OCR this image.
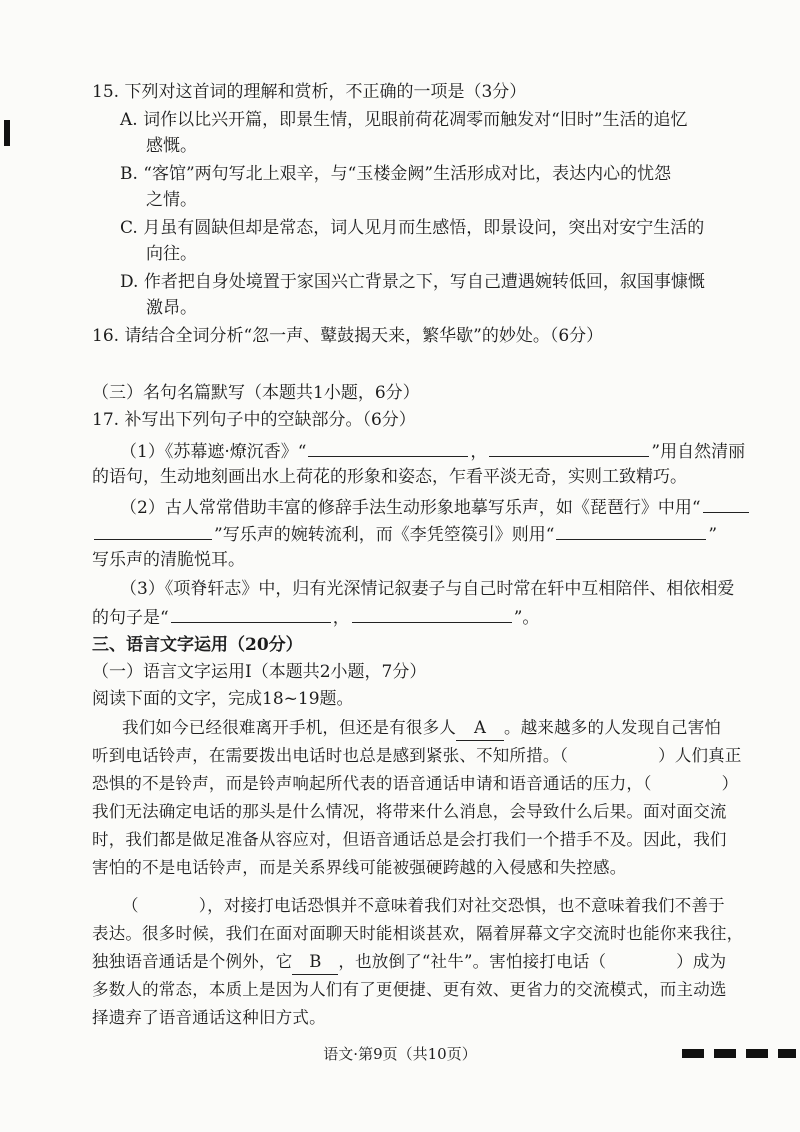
15. 下列对这首词的理解和赏析，不正确的一项是（3分）
A. 词作以比兴开篇，即景生情，见眼前荷花凋零而触发对“旧时”生活的追忆
感慨。
B. “客馆”两句写北上艰辛，与“玉楼金阙”生活形成对比，表达内心的忧怨
之情。
C. 月虽有圆缺但却是常态，词人见月而生感悟，即景设问，突出对安宁生活的
向往。
D. 作者把自身处境置于家国兴亡背景之下，写自己遭遇婉转低回，叙国事慷慨
激昂。
16. 请结合全词分析“忽一声、鼙鼓揭天来，繁华歇”的妙处。（6分）
（三）名句名篇默写（本题共1小题，6分）
17. 补写出下列句子中的空缺部分。（6分）
（1）《苏幕遮·燎沉香》“	，	”用自然清丽
的语句，生动地刻画出水上荷花的形象和姿态，乍看平淡无奇，实则工致精巧。
（2）古人常常借助丰富的修辞手法生动形象地摹写乐声，如《琵琶行》中用“
”写乐声的婉转流利，而《李凭箜篌引》则用“	”
写乐声的清脆悦耳。
（3）《项脊轩志》中，归有光深情记叙妻子与自己时常在轩中互相陪伴、相依相爱
的句子是“	，	”。
三、语言文字运用（20分）
（一）语言文字运用Ⅰ（本题共2小题，7分）
阅读下面的文字，完成18~19题。
我们如今已经很难离开手机，但还是有很多人 A 。越来越多的人发现自己害怕
听到电话铃声，在需要拨出电话时也总是感到紧张、不知所措。（	）人们真正
恐惧的不是铃声，而是铃声响起所代表的语音通话申请和语音通话的压力，（	）
我们无法确定电话的那头是什么情况，将带来什么消息，会导致什么后果。面对面交流
时，我们都是做足准备从容应对，但语音通话总是会打我们一个措手不及。因此，我们
害怕的不是电话铃声，而是关系界线可能被强硬跨越的入侵感和失控感。
（	），对接打电话恐惧并不意味着我们对社交恐惧，也不意味着我们不善于
表达。很多时候，我们在面对面聊天时能相谈甚欢，隔着屏幕文字交流时也能你来我往，
独独语音通话是个例外，它 B ，也放倒了“社牛”。害怕接打电话（	）成为
多数人的常态，本质上是因为人们有了更便捷、更有效、更省力的交流模式，而主动选
择遗弃了语音通话这种旧方式。
语文·第9页（共10页）
